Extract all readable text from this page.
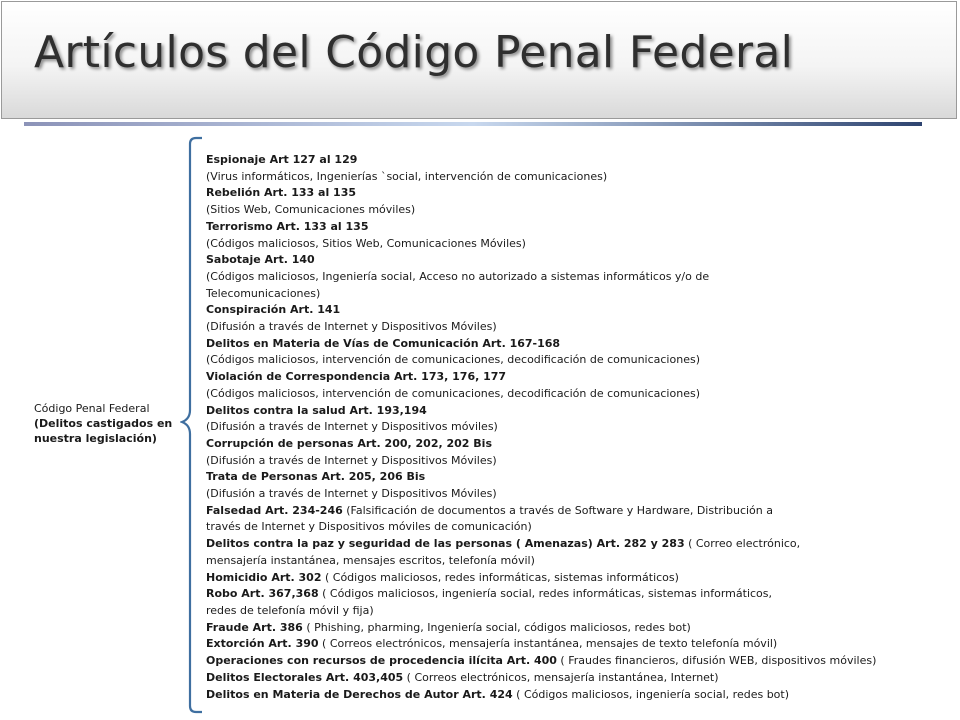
Artículos del Código Penal Federal
Código Penal Federal
(Delitos castigados en
nuestra legislación)
Espionaje Art 127 al 129
(Virus informáticos, Ingenierías `social, intervención de comunicaciones)
Rebelión Art. 133 al 135
(Sitios Web, Comunicaciones móviles)
Terrorismo Art. 133 al 135
(Códigos maliciosos, Sitios Web, Comunicaciones Móviles)
Sabotaje Art. 140
(Códigos maliciosos, Ingeniería social, Acceso no autorizado a sistemas informáticos y/o de
Telecomunicaciones)
Conspiración Art. 141
(Difusión a través de Internet y Dispositivos Móviles)
Delitos en Materia de Vías de Comunicación Art. 167-168
(Códigos maliciosos, intervención de comunicaciones, decodificación de comunicaciones)
Violación de Correspondencia Art. 173, 176, 177
(Códigos maliciosos, intervención de comunicaciones, decodificación de comunicaciones)
Delitos contra la salud Art. 193,194
(Difusión a través de Internet y Dispositivos móviles)
Corrupción de personas Art. 200, 202, 202 Bis
(Difusión a través de Internet y Dispositivos Móviles)
Trata de Personas Art. 205, 206 Bis
(Difusión a través de Internet y Dispositivos Móviles)
Falsedad Art. 234-246 (Falsificación de documentos a través de Software y Hardware, Distribución a
través de Internet y Dispositivos móviles de comunicación)
Delitos contra la paz y seguridad de las personas ( Amenazas) Art. 282 y 283 ( Correo electrónico,
mensajería instantánea, mensajes escritos, telefonía móvil)
Homicidio Art. 302 ( Códigos maliciosos, redes informáticas, sistemas informáticos)
Robo Art. 367,368 ( Códigos maliciosos, ingeniería social, redes informáticas, sistemas informáticos,
redes de telefonía móvil y fija)
Fraude Art. 386 ( Phishing, pharming, Ingeniería social, códigos maliciosos, redes bot)
Extorción Art. 390 ( Correos electrónicos, mensajería instantánea, mensajes de texto telefonía móvil)
Operaciones con recursos de procedencia ilícita Art. 400 ( Fraudes financieros, difusión WEB, dispositivos móviles)
Delitos Electorales Art. 403,405 ( Correos electrónicos, mensajería instantánea, Internet)
Delitos en Materia de Derechos de Autor Art. 424 ( Códigos maliciosos, ingeniería social, redes bot)
